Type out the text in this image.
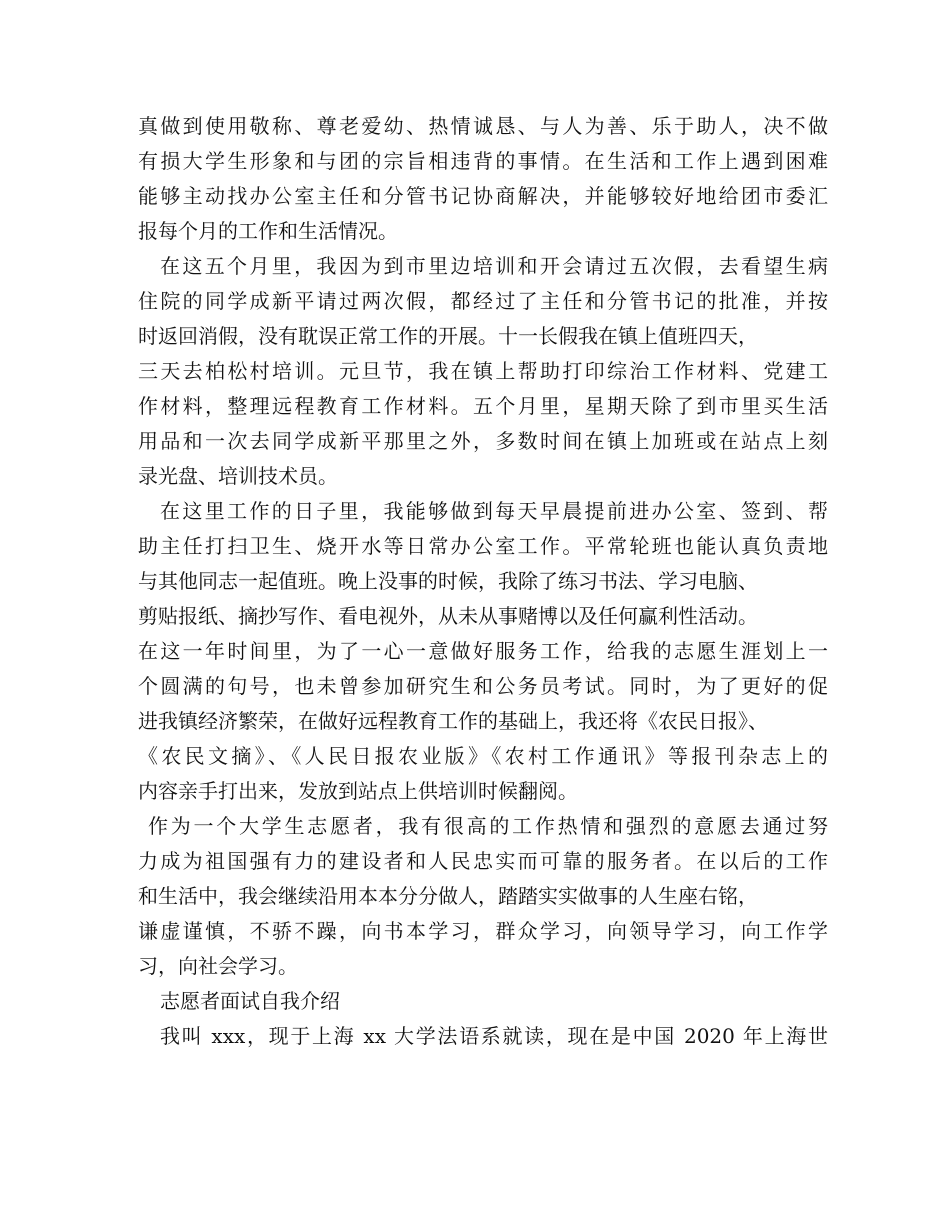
真做到使用敬称、尊老爱幼、热情诚恳、与人为善、乐于助人，决不做
有损大学生形象和与团的宗旨相违背的事情。在生活和工作上遇到困难
能够主动找办公室主任和分管书记协商解决，并能够较好地给团市委汇
报每个月的工作和生活情况。
在这五个月里，我因为到市里边培训和开会请过五次假，去看望生病
住院的同学成新平请过两次假，都经过了主任和分管书记的批准，并按
时返回消假，没有耽误正常工作的开展。十一长假我在镇上值班四天，
三天去柏松村培训。元旦节，我在镇上帮助打印综治工作材料、党建工
作材料，整理远程教育工作材料。五个月里，星期天除了到市里买生活
用品和一次去同学成新平那里之外，多数时间在镇上加班或在站点上刻
录光盘、培训技术员。
在这里工作的日子里，我能够做到每天早晨提前进办公室、签到、帮
助主任打扫卫生、烧开水等日常办公室工作。平常轮班也能认真负责地
与其他同志一起值班。晚上没事的时候，我除了练习书法、学习电脑、
剪贴报纸、摘抄写作、看电视外，从未从事赌博以及任何赢利性活动。
在这一年时间里，为了一心一意做好服务工作，给我的志愿生涯划上一
个圆满的句号，也未曾参加研究生和公务员考试。同时，为了更好的促
进我镇经济繁荣，在做好远程教育工作的基础上，我还将《农民日报》、
《农民文摘》、《人民日报农业版》《农村工作通讯》等报刊杂志上的
内容亲手打出来，发放到站点上供培训时候翻阅。
作为一个大学生志愿者，我有很高的工作热情和强烈的意愿去通过努
力成为祖国强有力的建设者和人民忠实而可靠的服务者。在以后的工作
和生活中，我会继续沿用本本分分做人，踏踏实实做事的人生座右铭，
谦虚谨慎，不骄不躁，向书本学习，群众学习，向领导学习，向工作学
习，向社会学习。
志愿者面试自我介绍
我叫 xxx，现于上海 xx 大学法语系就读，现在是中国 2020 年上海世
